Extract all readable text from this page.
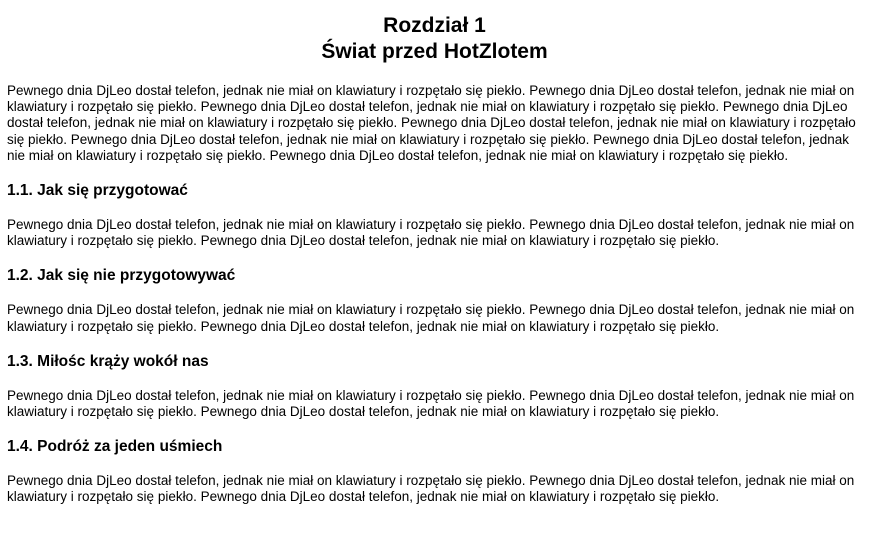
Rozdział 1
Świat przed HotZlotem

Pewnego dnia DjLeo dostał telefon, jednak nie miał on klawiatury i rozpętało się piekło. Pewnego dnia DjLeo dostał telefon, jednak nie miał on klawiatury i rozpętało się piekło. Pewnego dnia DjLeo dostał telefon, jednak nie miał on klawiatury i rozpętało się piekło. Pewnego dnia DjLeo dostał telefon, jednak nie miał on klawiatury i rozpętało się piekło. Pewnego dnia DjLeo dostał telefon, jednak nie miał on klawiatury i rozpętało się piekło. Pewnego dnia DjLeo dostał telefon, jednak nie miał on klawiatury i rozpętało się piekło. Pewnego dnia DjLeo dostał telefon, jednak nie miał on klawiatury i rozpętało się piekło. Pewnego dnia DjLeo dostał telefon, jednak nie miał on klawiatury i rozpętało się piekło.

1.1. Jak się przygotować

Pewnego dnia DjLeo dostał telefon, jednak nie miał on klawiatury i rozpętało się piekło. Pewnego dnia DjLeo dostał telefon, jednak nie miał on klawiatury i rozpętało się piekło. Pewnego dnia DjLeo dostał telefon, jednak nie miał on klawiatury i rozpętało się piekło.

1.2. Jak się nie przygotowywać

Pewnego dnia DjLeo dostał telefon, jednak nie miał on klawiatury i rozpętało się piekło. Pewnego dnia DjLeo dostał telefon, jednak nie miał on klawiatury i rozpętało się piekło. Pewnego dnia DjLeo dostał telefon, jednak nie miał on klawiatury i rozpętało się piekło.

1.3. Miłośc krąży wokół nas

Pewnego dnia DjLeo dostał telefon, jednak nie miał on klawiatury i rozpętało się piekło. Pewnego dnia DjLeo dostał telefon, jednak nie miał on klawiatury i rozpętało się piekło. Pewnego dnia DjLeo dostał telefon, jednak nie miał on klawiatury i rozpętało się piekło.

1.4. Podróż za jeden uśmiech

Pewnego dnia DjLeo dostał telefon, jednak nie miał on klawiatury i rozpętało się piekło. Pewnego dnia DjLeo dostał telefon, jednak nie miał on klawiatury i rozpętało się piekło. Pewnego dnia DjLeo dostał telefon, jednak nie miał on klawiatury i rozpętało się piekło.
